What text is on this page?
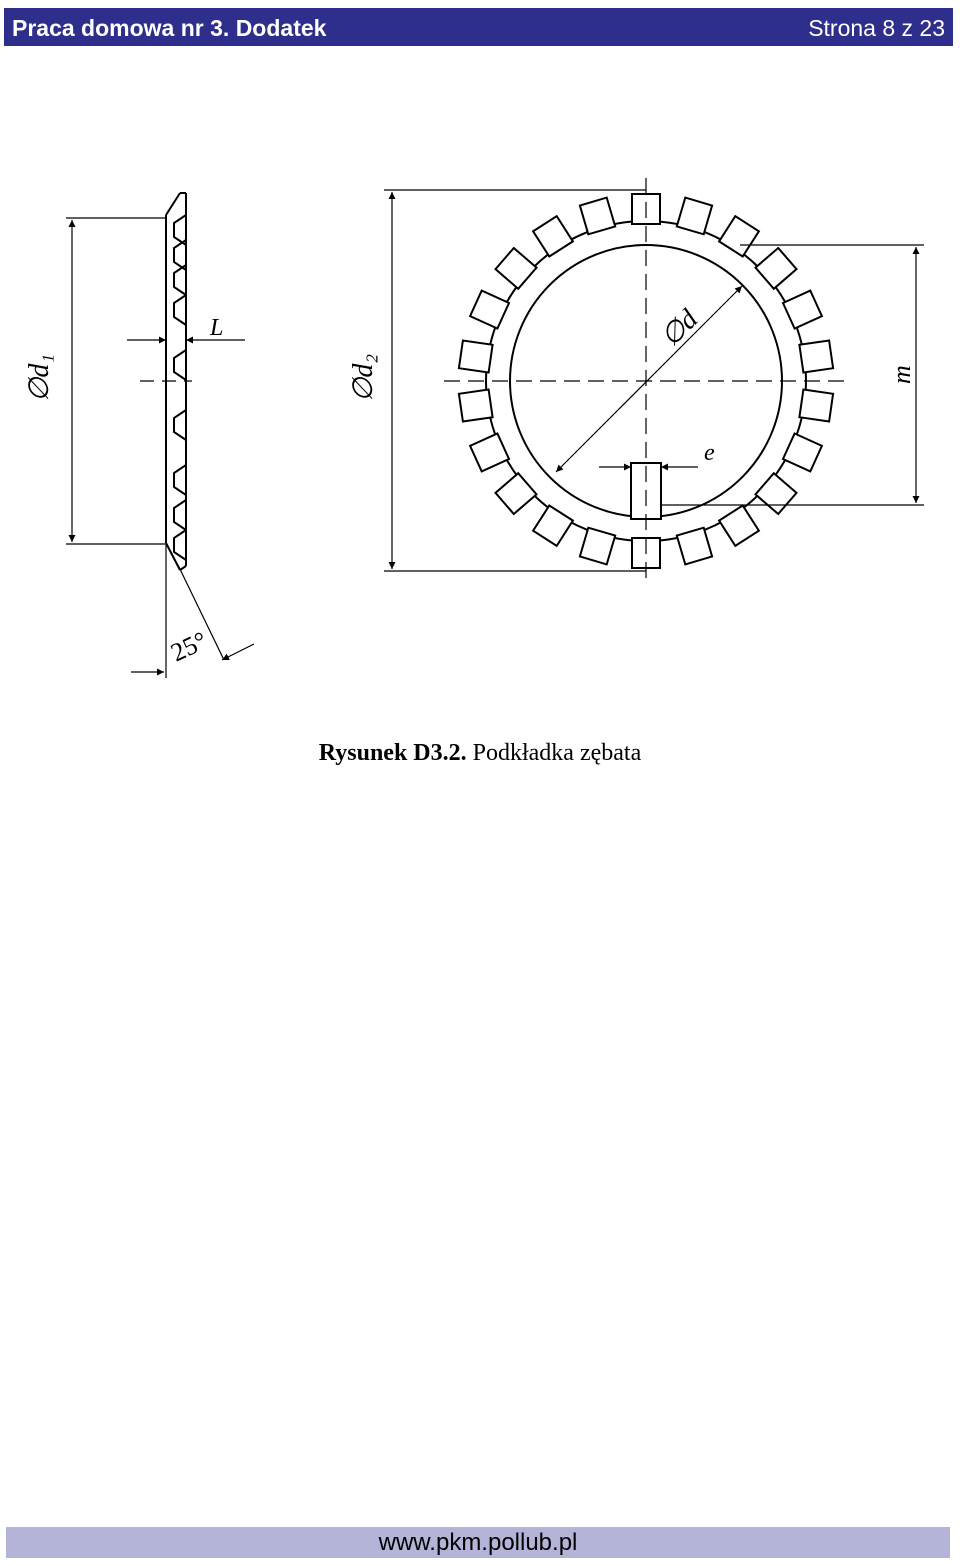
Praca domowa nr 3. Dodatek	Strona 8 z 23
∅d₁
L
25°
∅d₂
∅d
e
m
Rysunek D3.2. Podkładka zębata
www.pkm.pollub.pl
